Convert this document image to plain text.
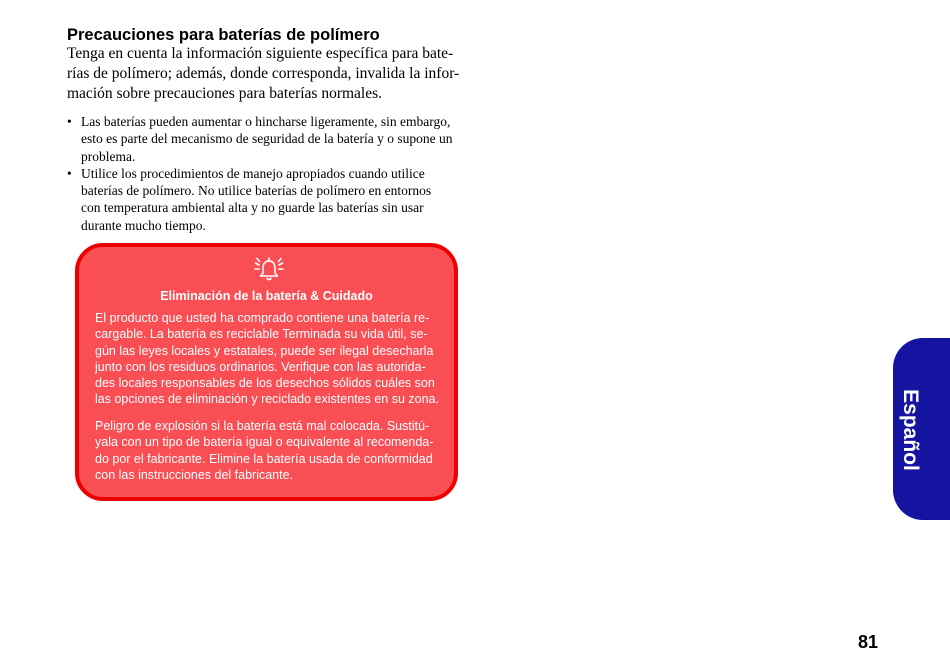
Precauciones para baterías de polímero

Tenga en cuenta la información siguiente específica para bate-
rías de polímero; además, donde corresponda, invalida la infor-
mación sobre precauciones para baterías normales.

• Las baterías pueden aumentar o hincharse ligeramente, sin embargo,
esto es parte del mecanismo de seguridad de la batería y o supone un
problema.
• Utilice los procedimientos de manejo apropiados cuando utilice
baterías de polímero. No utilice baterías de polímero en entornos
con temperatura ambiental alta y no guarde las baterías sin usar
durante mucho tiempo.

Eliminación de la batería & Cuidado

El producto que usted ha comprado contiene una batería re-
cargable. La batería es reciclable Terminada su vida útil, se-
gún las leyes locales y estatales, puede ser ilegal desecharla
junto con los residuos ordinarios. Verifique con las autorida-
des locales responsables de los desechos sólidos cuáles son
las opciones de eliminación y reciclado existentes en su zona.

Peligro de explosión si la batería está mal colocada. Sustitú-
yala con un tipo de batería igual o equivalente al recomenda-
do por el fabricante. Elimine la batería usada de conformidad
con las instrucciones del fabricante.

Español

81
